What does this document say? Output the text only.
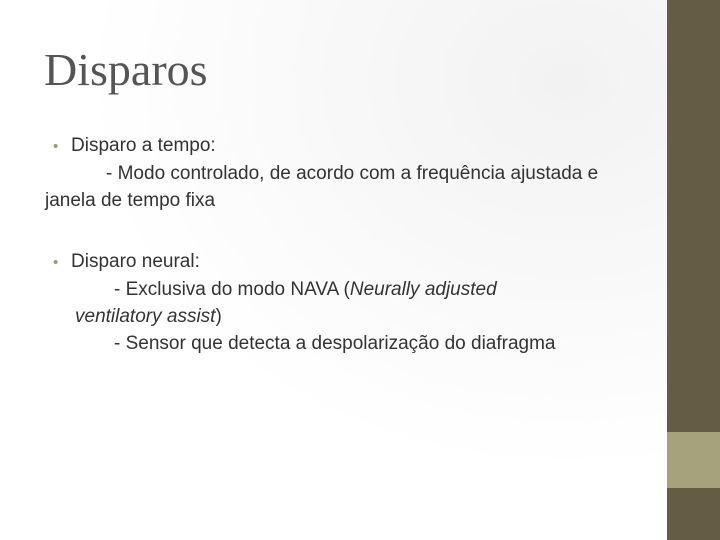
Disparos
• Disparo a tempo:

- Modo controlado, de acordo com a frequência ajustada e janela de tempo fixa

• Disparo neural:

- Exclusiva do modo NAVA (Neurally adjusted
ventilatory assist)

- Sensor que detecta a despolarização do diafragma
